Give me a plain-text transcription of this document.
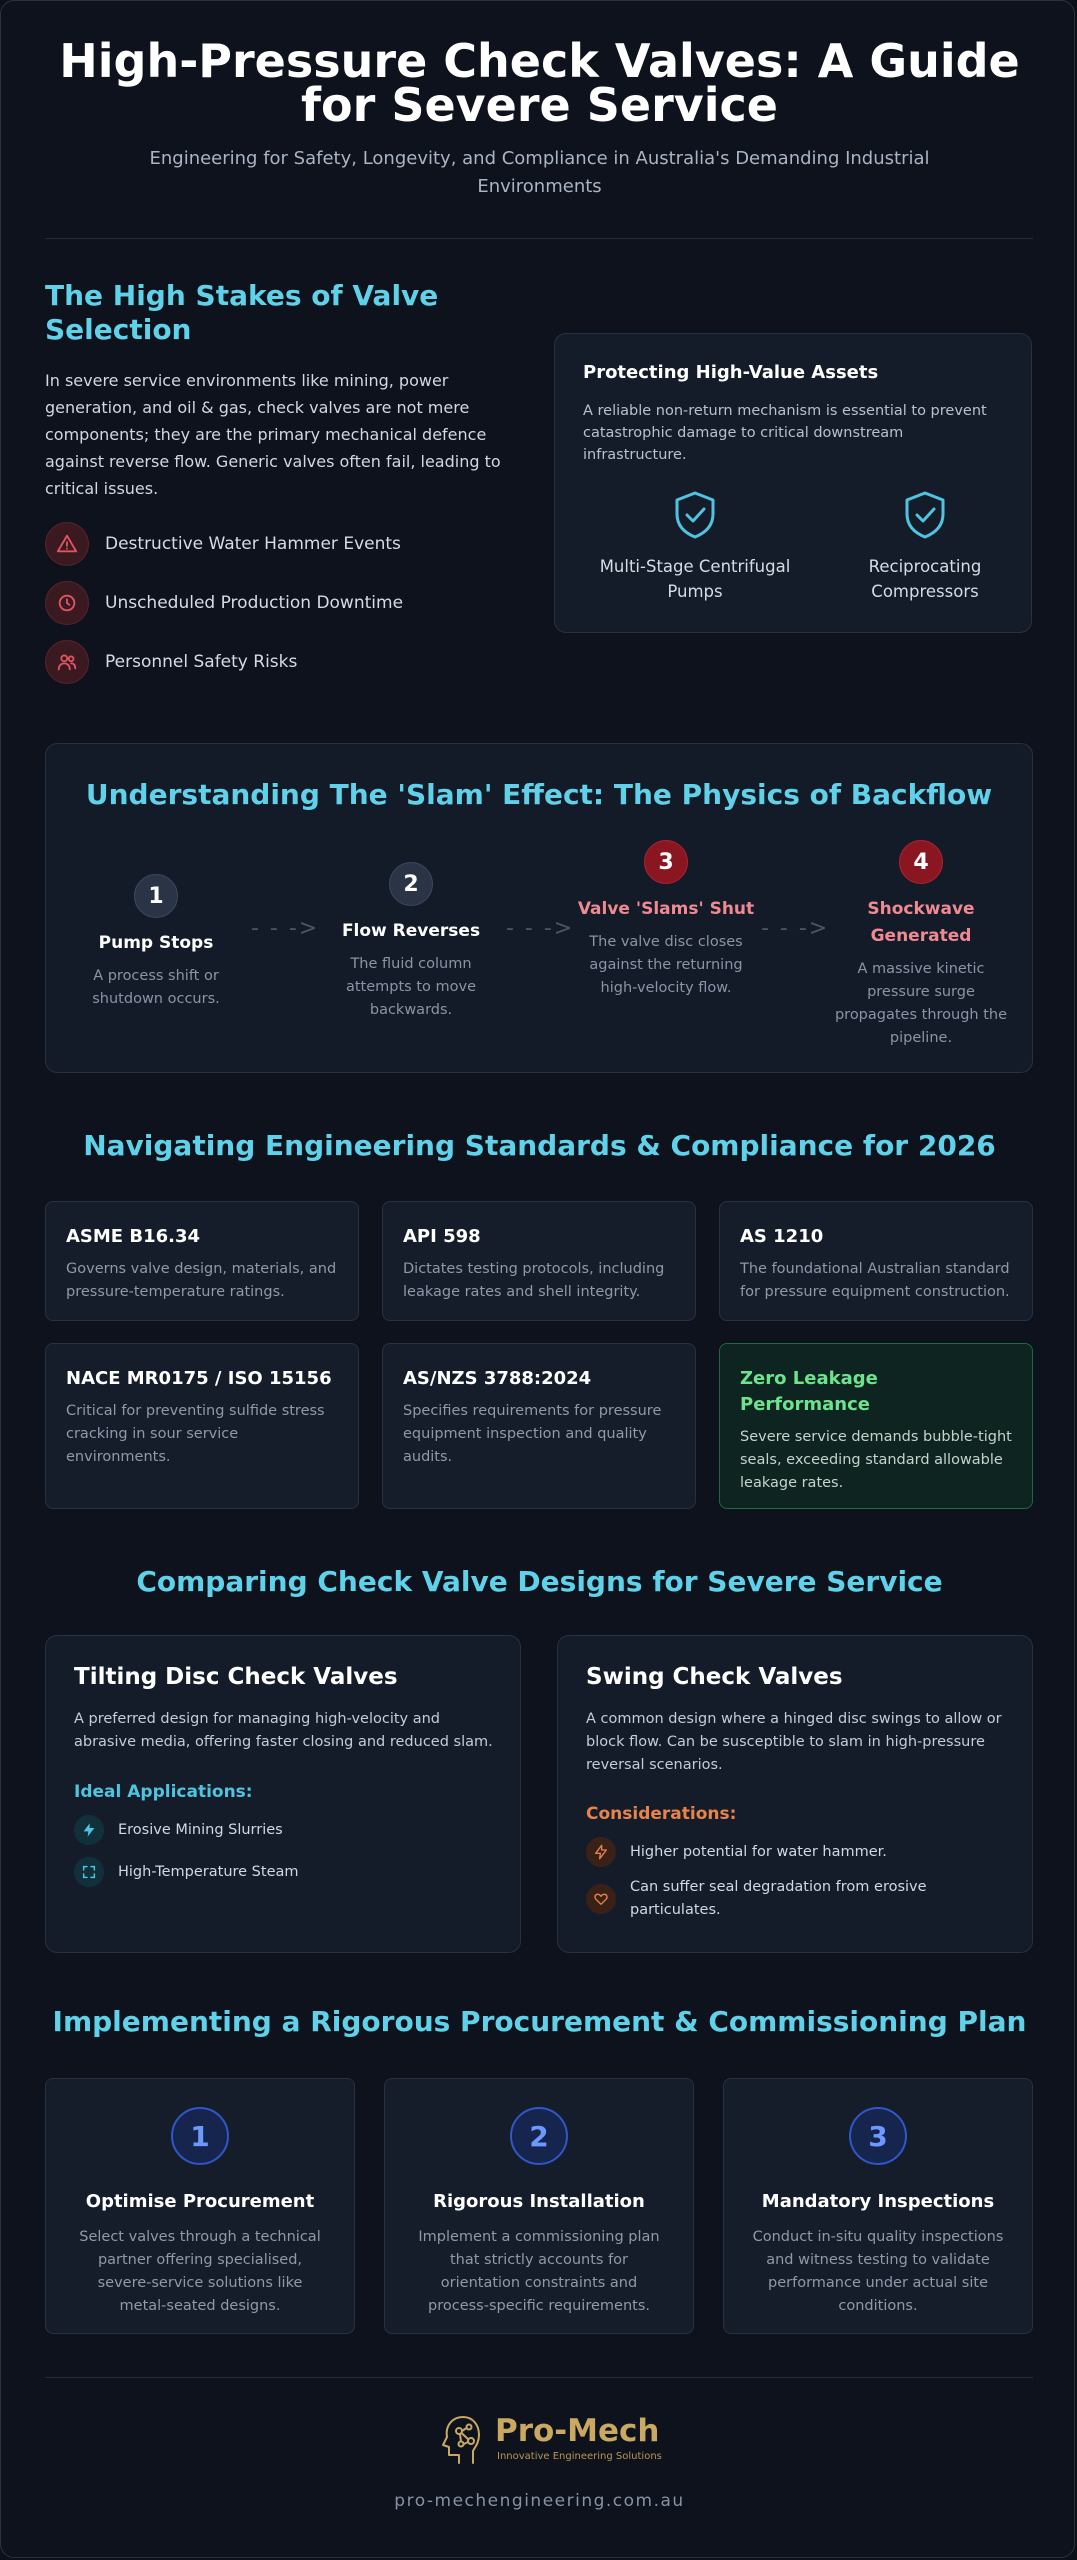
High-Pressure Check Valves: A Guide for Severe Service
Engineering for Safety, Longevity, and Compliance in Australia's Demanding Industrial Environments
The High Stakes of Valve Selection
In severe service environments like mining, power generation, and oil & gas, check valves are not mere components; they are the primary mechanical defence against reverse flow. Generic valves often fail, leading to critical issues.
Destructive Water Hammer Events
Unscheduled Production Downtime
Personnel Safety Risks
Protecting High-Value Assets
A reliable non-return mechanism is essential to prevent catastrophic damage to critical downstream infrastructure.
Multi-Stage Centrifugal Pumps
Reciprocating Compressors
Understanding The 'Slam' Effect: The Physics of Backflow
1
Pump Stops
A process shift or shutdown occurs.
- - ->
2
Flow Reverses
The fluid column attempts to move backwards.
- - ->
3
Valve 'Slams' Shut
The valve disc closes against the returning high-velocity flow.
- - ->
4
Shockwave Generated
A massive kinetic pressure surge propagates through the pipeline.
Navigating Engineering Standards & Compliance for 2026
ASME B16.34
Governs valve design, materials, and pressure-temperature ratings.
API 598
Dictates testing protocols, including leakage rates and shell integrity.
AS 1210
The foundational Australian standard for pressure equipment construction.
NACE MR0175 / ISO 15156
Critical for preventing sulfide stress cracking in sour service environments.
AS/NZS 3788:2024
Specifies requirements for pressure equipment inspection and quality audits.
Zero Leakage Performance
Severe service demands bubble-tight seals, exceeding standard allowable leakage rates.
Comparing Check Valve Designs for Severe Service
Tilting Disc Check Valves
A preferred design for managing high-velocity and abrasive media, offering faster closing and reduced slam.
Ideal Applications:
Erosive Mining Slurries
High-Temperature Steam
Swing Check Valves
A common design where a hinged disc swings to allow or block flow. Can be susceptible to slam in high-pressure reversal scenarios.
Considerations:
Higher potential for water hammer.
Can suffer seal degradation from erosive particulates.
Implementing a Rigorous Procurement & Commissioning Plan
1
Optimise Procurement
Select valves through a technical partner offering specialised, severe-service solutions like metal-seated designs.
2
Rigorous Installation
Implement a commissioning plan that strictly accounts for orientation constraints and process-specific requirements.
3
Mandatory Inspections
Conduct in-situ quality inspections and witness testing to validate performance under actual site conditions.
Pro-Mech
Innovative Engineering Solutions
pro-mechengineering.com.au
